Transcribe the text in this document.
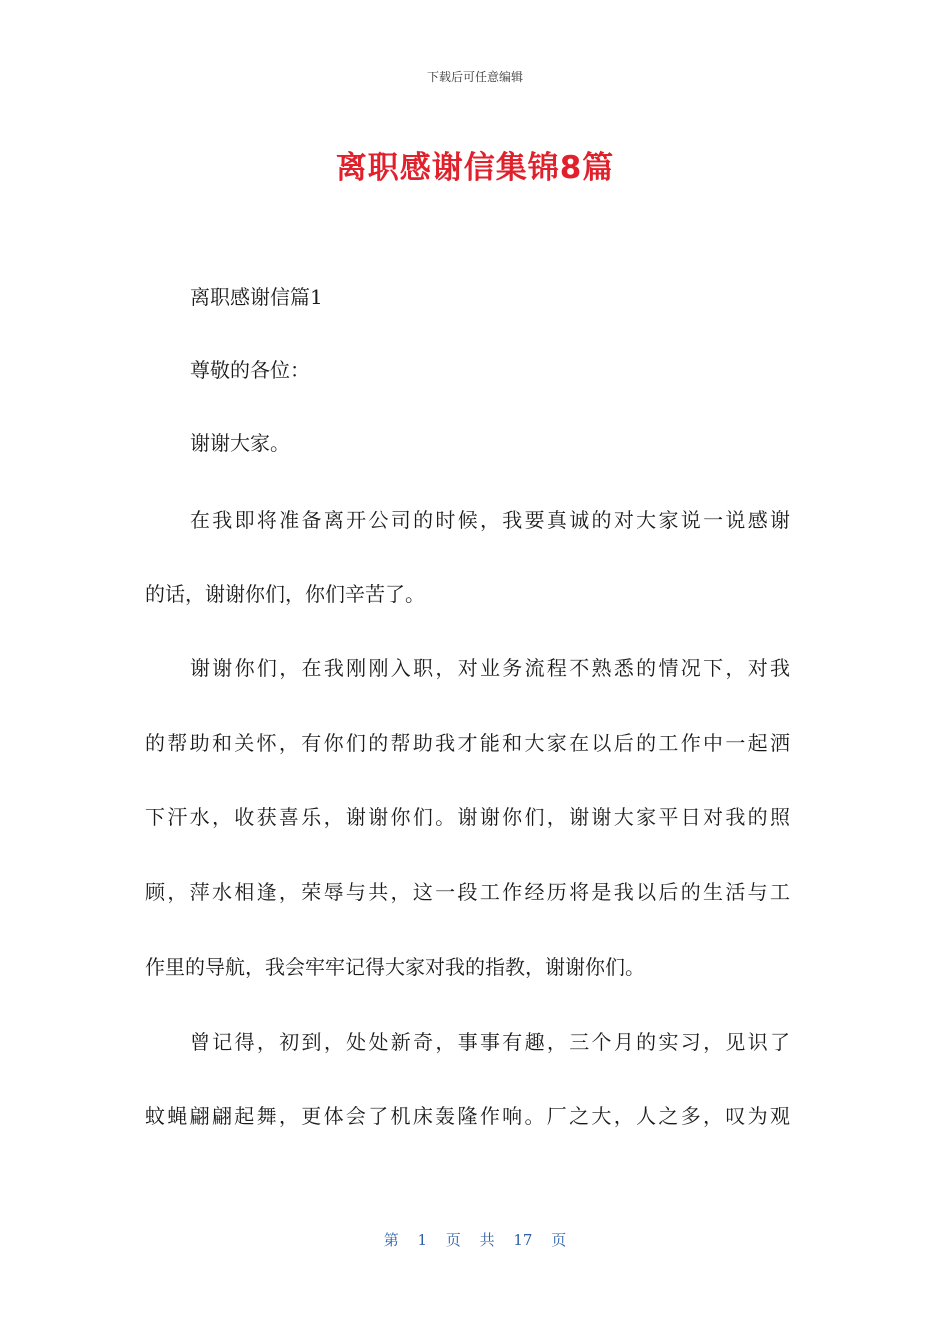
下载后可任意编辑
离职感谢信集锦8篇
离职感谢信篇1
尊敬的各位：
谢谢大家。
在我即将准备离开公司的时候，我要真诚的对大家说一说感谢
的话，谢谢你们，你们辛苦了。
谢谢你们，在我刚刚入职，对业务流程不熟悉的情况下，对我
的帮助和关怀，有你们的帮助我才能和大家在以后的工作中一起洒
下汗水，收获喜乐，谢谢你们。谢谢你们，谢谢大家平日对我的照
顾，萍水相逢，荣辱与共，这一段工作经历将是我以后的生活与工
作里的导航，我会牢牢记得大家对我的指教，谢谢你们。
曾记得，初到，处处新奇，事事有趣，三个月的实习，见识了
蚊蝇翩翩起舞，更体会了机床轰隆作响。厂之大，人之多，叹为观
第 1 页 共 17 页
